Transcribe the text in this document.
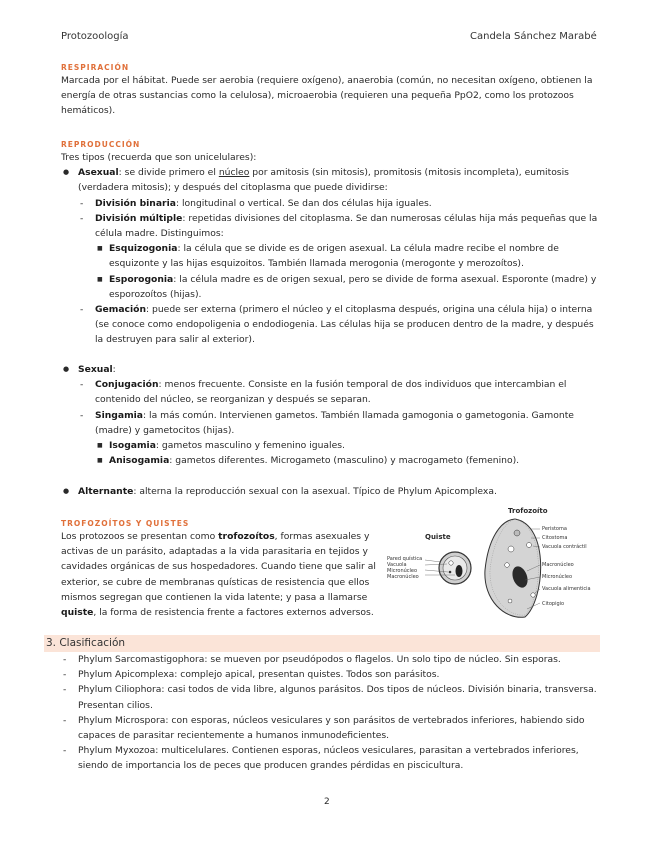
Protozoología	Candela Sánchez Marabé
RESPIRACIÓN
Marcada por el hábitat. Puede ser aerobia (requiere oxígeno), anaerobia (común, no necesitan oxígeno, obtienen la energía de otras sustancias como la celulosa), microaerobia (requieren una pequeña PpO2, como los protozoos hemáticos).
REPRODUCCIÓN
Tres tipos (recuerda que son unicelulares):
● Asexual: se divide primero el núcleo por amitosis (sin mitosis), promitosis (mitosis incompleta), eumitosis (verdadera mitosis); y después del citoplasma que puede dividirse:
- División binaria: longitudinal o vertical. Se dan dos células hija iguales.
- División múltiple: repetidas divisiones del citoplasma. Se dan numerosas células hija más pequeñas que la célula madre. Distinguimos:
■ Esquizogonia: la célula que se divide es de origen asexual. La célula madre recibe el nombre de esquizonte y las hijas esquizoitos. También llamada merogonia (merogonte y merozoítos).
■ Esporogonia: la célula madre es de origen sexual, pero se divide de forma asexual. Esporonte (madre) y esporozoítos (hijas).
- Gemación: puede ser externa (primero el núcleo y el citoplasma después, origina una célula hija) o interna (se conoce como endopoligenia o endodiogenia. Las células hija se producen dentro de la madre, y después la destruyen para salir al exterior).
● Sexual:
- Conjugación: menos frecuente. Consiste en la fusión temporal de dos individuos que intercambian el contenido del núcleo, se reorganizan y después se separan.
- Singamia: la más común. Intervienen gametos. También llamada gamogonia o gametogonia. Gamonte (madre) y gametocitos (hijas).
■ Isogamia: gametos masculino y femenino iguales.
■ Anisogamia: gametos diferentes. Microgameto (masculino) y macrogameto (femenino).
● Alternante: alterna la reproducción sexual con la asexual. Típico de Phylum Apicomplexa.
TROFOZOÍTOS Y QUISTES
Los protozoos se presentan como trofozoítos, formas asexuales y activas de un parásito, adaptadas a la vida parasitaria en tejidos y cavidades orgánicas de sus hospedadores. Cuando tiene que salir al exterior, se cubre de membranas quísticas de resistencia que ellos mismos segregan que contienen la vida latente; y pasa a llamarse quiste, la forma de resistencia frente a factores externos adversos.
Quiste
Trofozoíto
Pared quística
Vacuola
Micronúcleo
Macronúcleo
Peristoma
Citostoma
Vacuola contráctil
Macronúcleo
Micronúcleo
Vacuola alimenticia
Citopigio
3. Clasificación
- Phylum Sarcomastigophora: se mueven por pseudópodos o flagelos. Un solo tipo de núcleo. Sin esporas.
- Phylum Apicomplexa: complejo apical, presentan quistes. Todos son parásitos.
- Phylum Ciliophora: casi todos de vida libre, algunos parásitos. Dos tipos de núcleos. División binaria, transversa. Presentan cilios.
- Phylum Microspora: con esporas, núcleos vesiculares y son parásitos de vertebrados inferiores, habiendo sido capaces de parasitar recientemente a humanos inmunodeficientes.
- Phylum Myxozoa: multicelulares. Contienen esporas, núcleos vesiculares, parasitan a vertebrados inferiores, siendo de importancia los de peces que producen grandes pérdidas en piscicultura.
2
